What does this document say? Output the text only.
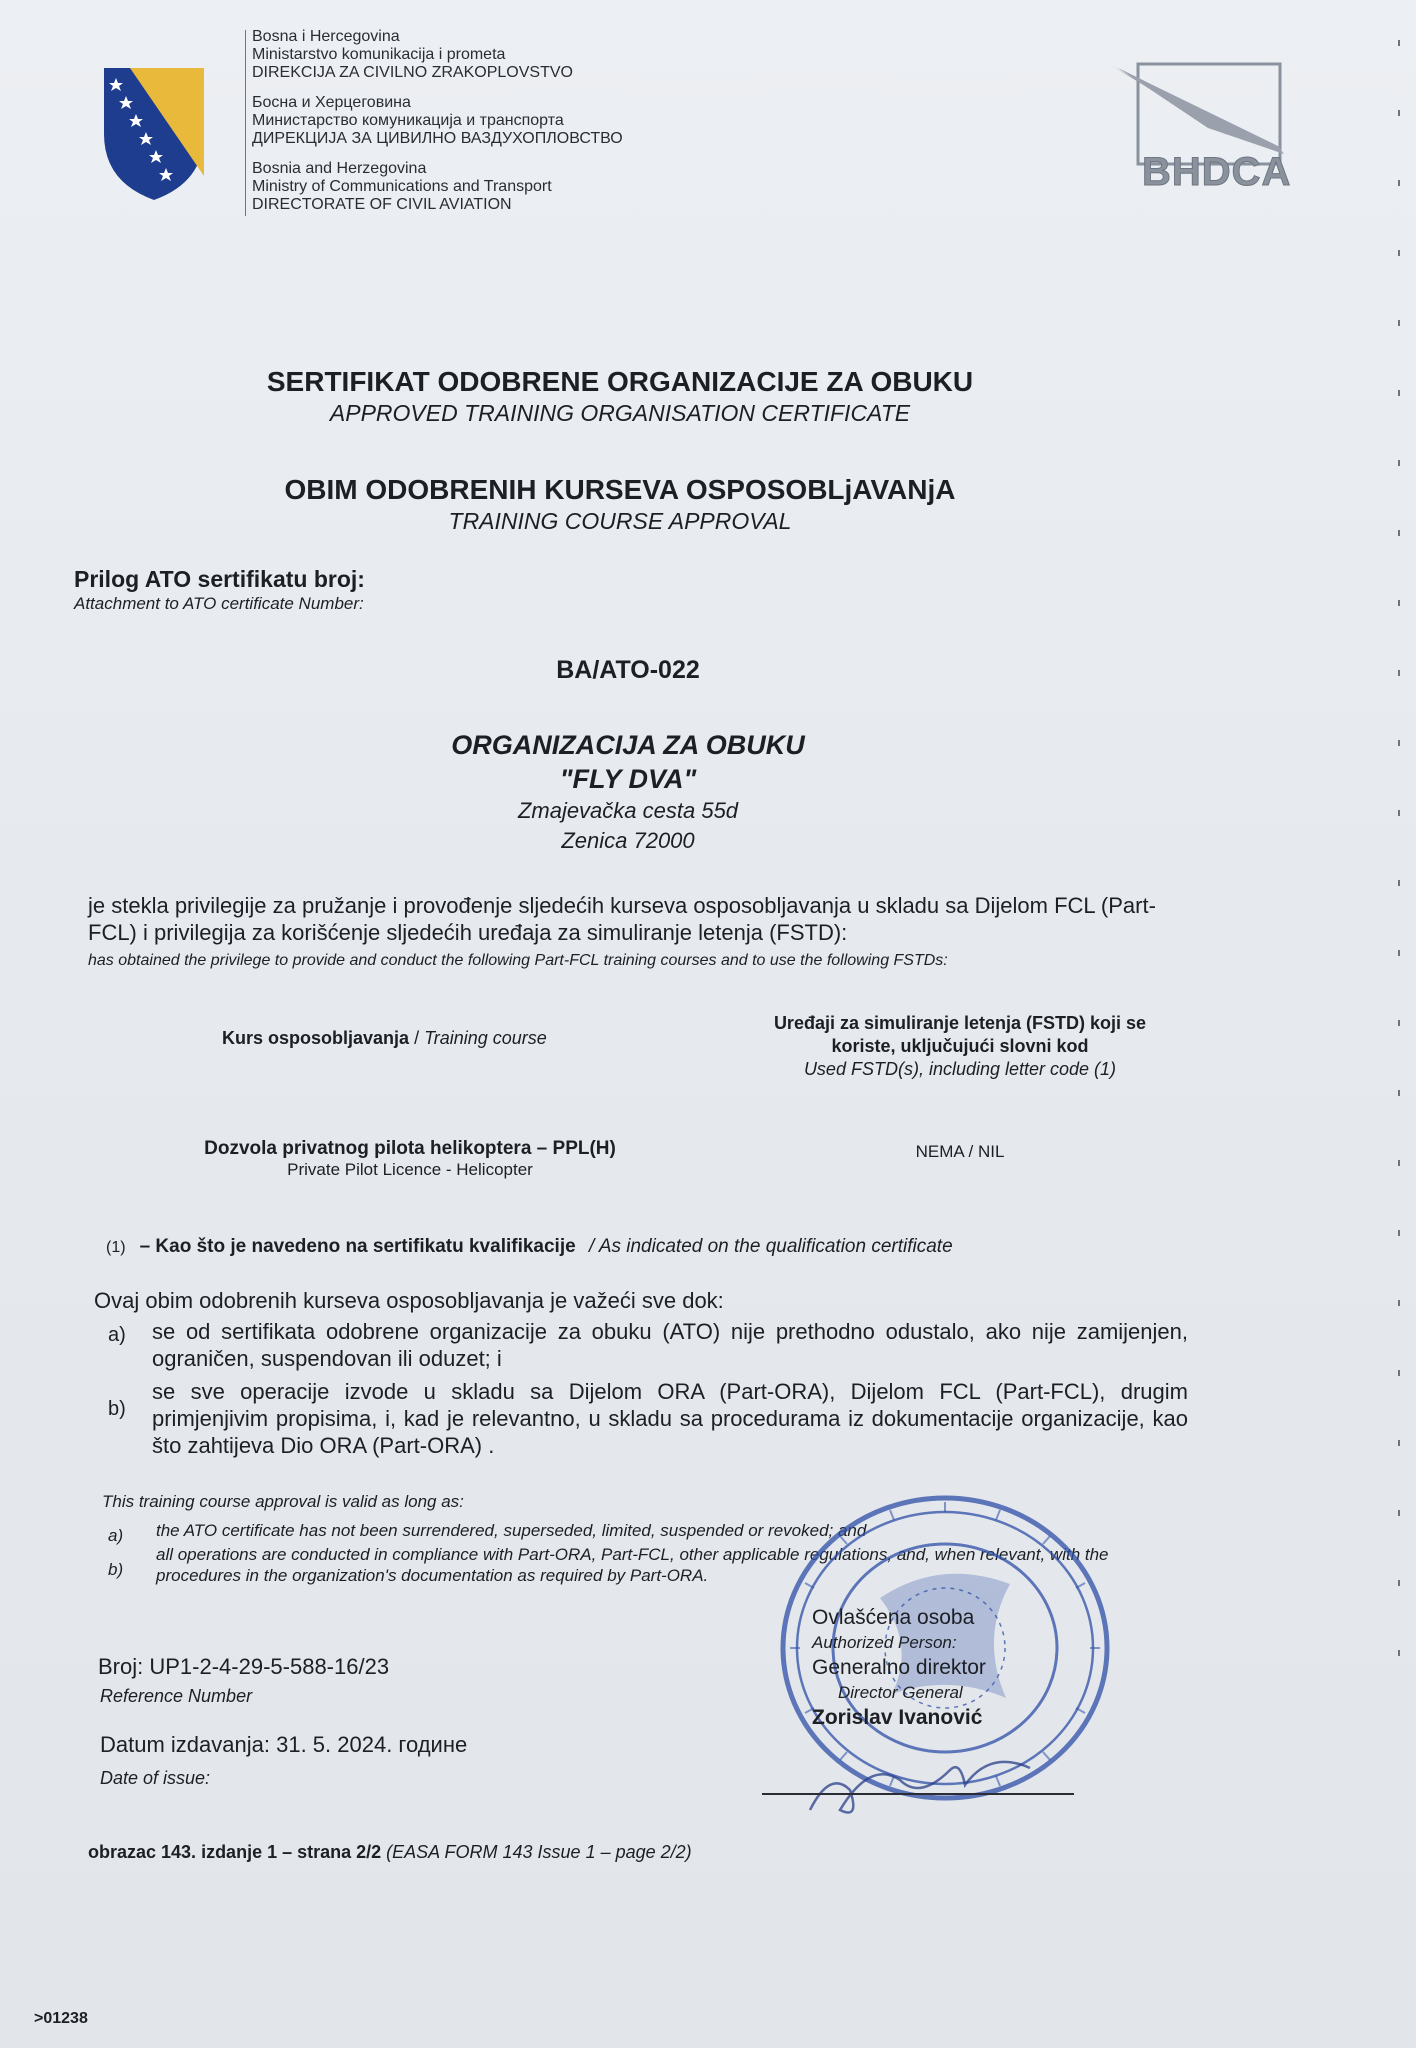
Bosna i Hercegovina
Ministarstvo komunikacija i prometa
DIREKCIJA ZA CIVILNO ZRAKOPLOVSTVO
Босна и Херцеговина
Министарство комуникација и транспорта
ДИРЕКЦИЈА ЗА ЦИВИЛНО ВАЗДУХОПЛОВСТВО
Bosnia and Herzegovina
Ministry of Communications and Transport
DIRECTORATE OF CIVIL AVIATION
BHDCA
SERTIFIKAT ODOBRENE ORGANIZACIJE ZA OBUKU
APPROVED TRAINING ORGANISATION CERTIFICATE
OBIM ODOBRENIH KURSEVA OSPOSOBLjAVANjA
TRAINING COURSE APPROVAL
Prilog ATO sertifikatu broj:
Attachment to ATO certificate Number:
BA/ATO-022
ORGANIZACIJA ZA OBUKU
"FLY DVA"
Zmajevačka cesta 55d
Zenica 72000
je stekla privilegije za pružanje i provođenje sljedećih kurseva osposobljavanja u skladu sa Dijelom FCL (Part-FCL) i privilegija za korišćenje sljedećih uređaja za simuliranje letenja (FSTD):
has obtained the privilege to provide and conduct the following Part-FCL training courses and to use the following FSTDs:
Kurs osposobljavanja / Training course
Uređaji za simuliranje letenja (FSTD) koji se
koriste, uključujući slovni kod
Used FSTD(s), including letter code (1)
Dozvola privatnog pilota helikoptera – PPL(H)
Private Pilot Licence - Helicopter
NEMA / NIL
(1) – Kao što je navedeno na sertifikatu kvalifikacije / As indicated on the qualification certificate
Ovaj obim odobrenih kurseva osposobljavanja je važeći sve dok:
a) se od sertifikata odobrene organizacije za obuku (ATO) nije prethodno odustalo, ako nije zamijenjen, ograničen, suspendovan ili oduzet; i
b)
se sve operacije izvode u skladu sa Dijelom ORA (Part-ORA), Dijelom FCL (Part-FCL), drugim primjenjivim propisima, i, kad je relevantno, u skladu sa procedurama iz dokumentacije organizacije, kao što zahtijeva Dio ORA (Part-ORA) .
This training course approval is valid as long as:
a) the ATO certificate has not been surrendered, superseded, limited, suspended or revoked; and
b)
all operations are conducted in compliance with Part-ORA, Part-FCL, other applicable regulations, and, when relevant, with the procedures in the organization's documentation as required by Part-ORA.
Broj: UP1-2-4-29-5-588-16/23
Reference Number
Datum izdavanja: 31. 5. 2024. године
Date of issue:
Ovlašćena osoba
Authorized Person:
Generalno direktor
Director General
Zorislav Ivanović
obrazac 143. izdanje 1 – strana 2/2 (EASA FORM 143 Issue 1 – page 2/2)
>01238
